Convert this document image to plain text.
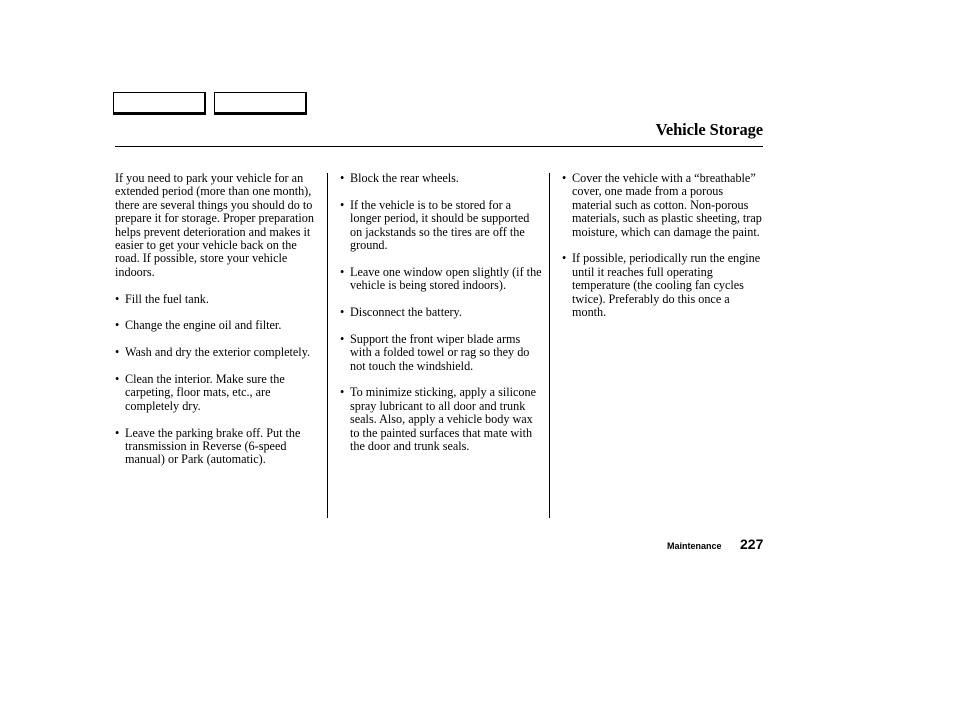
Vehicle Storage

If you need to park your vehicle for an extended period (more than one month), there are several things you should do to prepare it for storage. Proper preparation helps prevent deterioration and makes it easier to get your vehicle back on the road. If possible, store your vehicle indoors.

• Fill the fuel tank.
• Change the engine oil and filter.
• Wash and dry the exterior completely.
• Clean the interior. Make sure the carpeting, floor mats, etc., are completely dry.
• Leave the parking brake off. Put the transmission in Reverse (6-speed manual) or Park (automatic).
• Block the rear wheels.
• If the vehicle is to be stored for a longer period, it should be supported on jackstands so the tires are off the ground.
• Leave one window open slightly (if the vehicle is being stored indoors).
• Disconnect the battery.
• Support the front wiper blade arms with a folded towel or rag so they do not touch the windshield.
• To minimize sticking, apply a silicone spray lubricant to all door and trunk seals. Also, apply a vehicle body wax to the painted surfaces that mate with the door and trunk seals.
• Cover the vehicle with a “breathable” cover, one made from a porous material such as cotton. Non-porous materials, such as plastic sheeting, trap moisture, which can damage the paint.
• If possible, periodically run the engine until it reaches full operating temperature (the cooling fan cycles twice). Preferably do this once a month.
Maintenance 227
